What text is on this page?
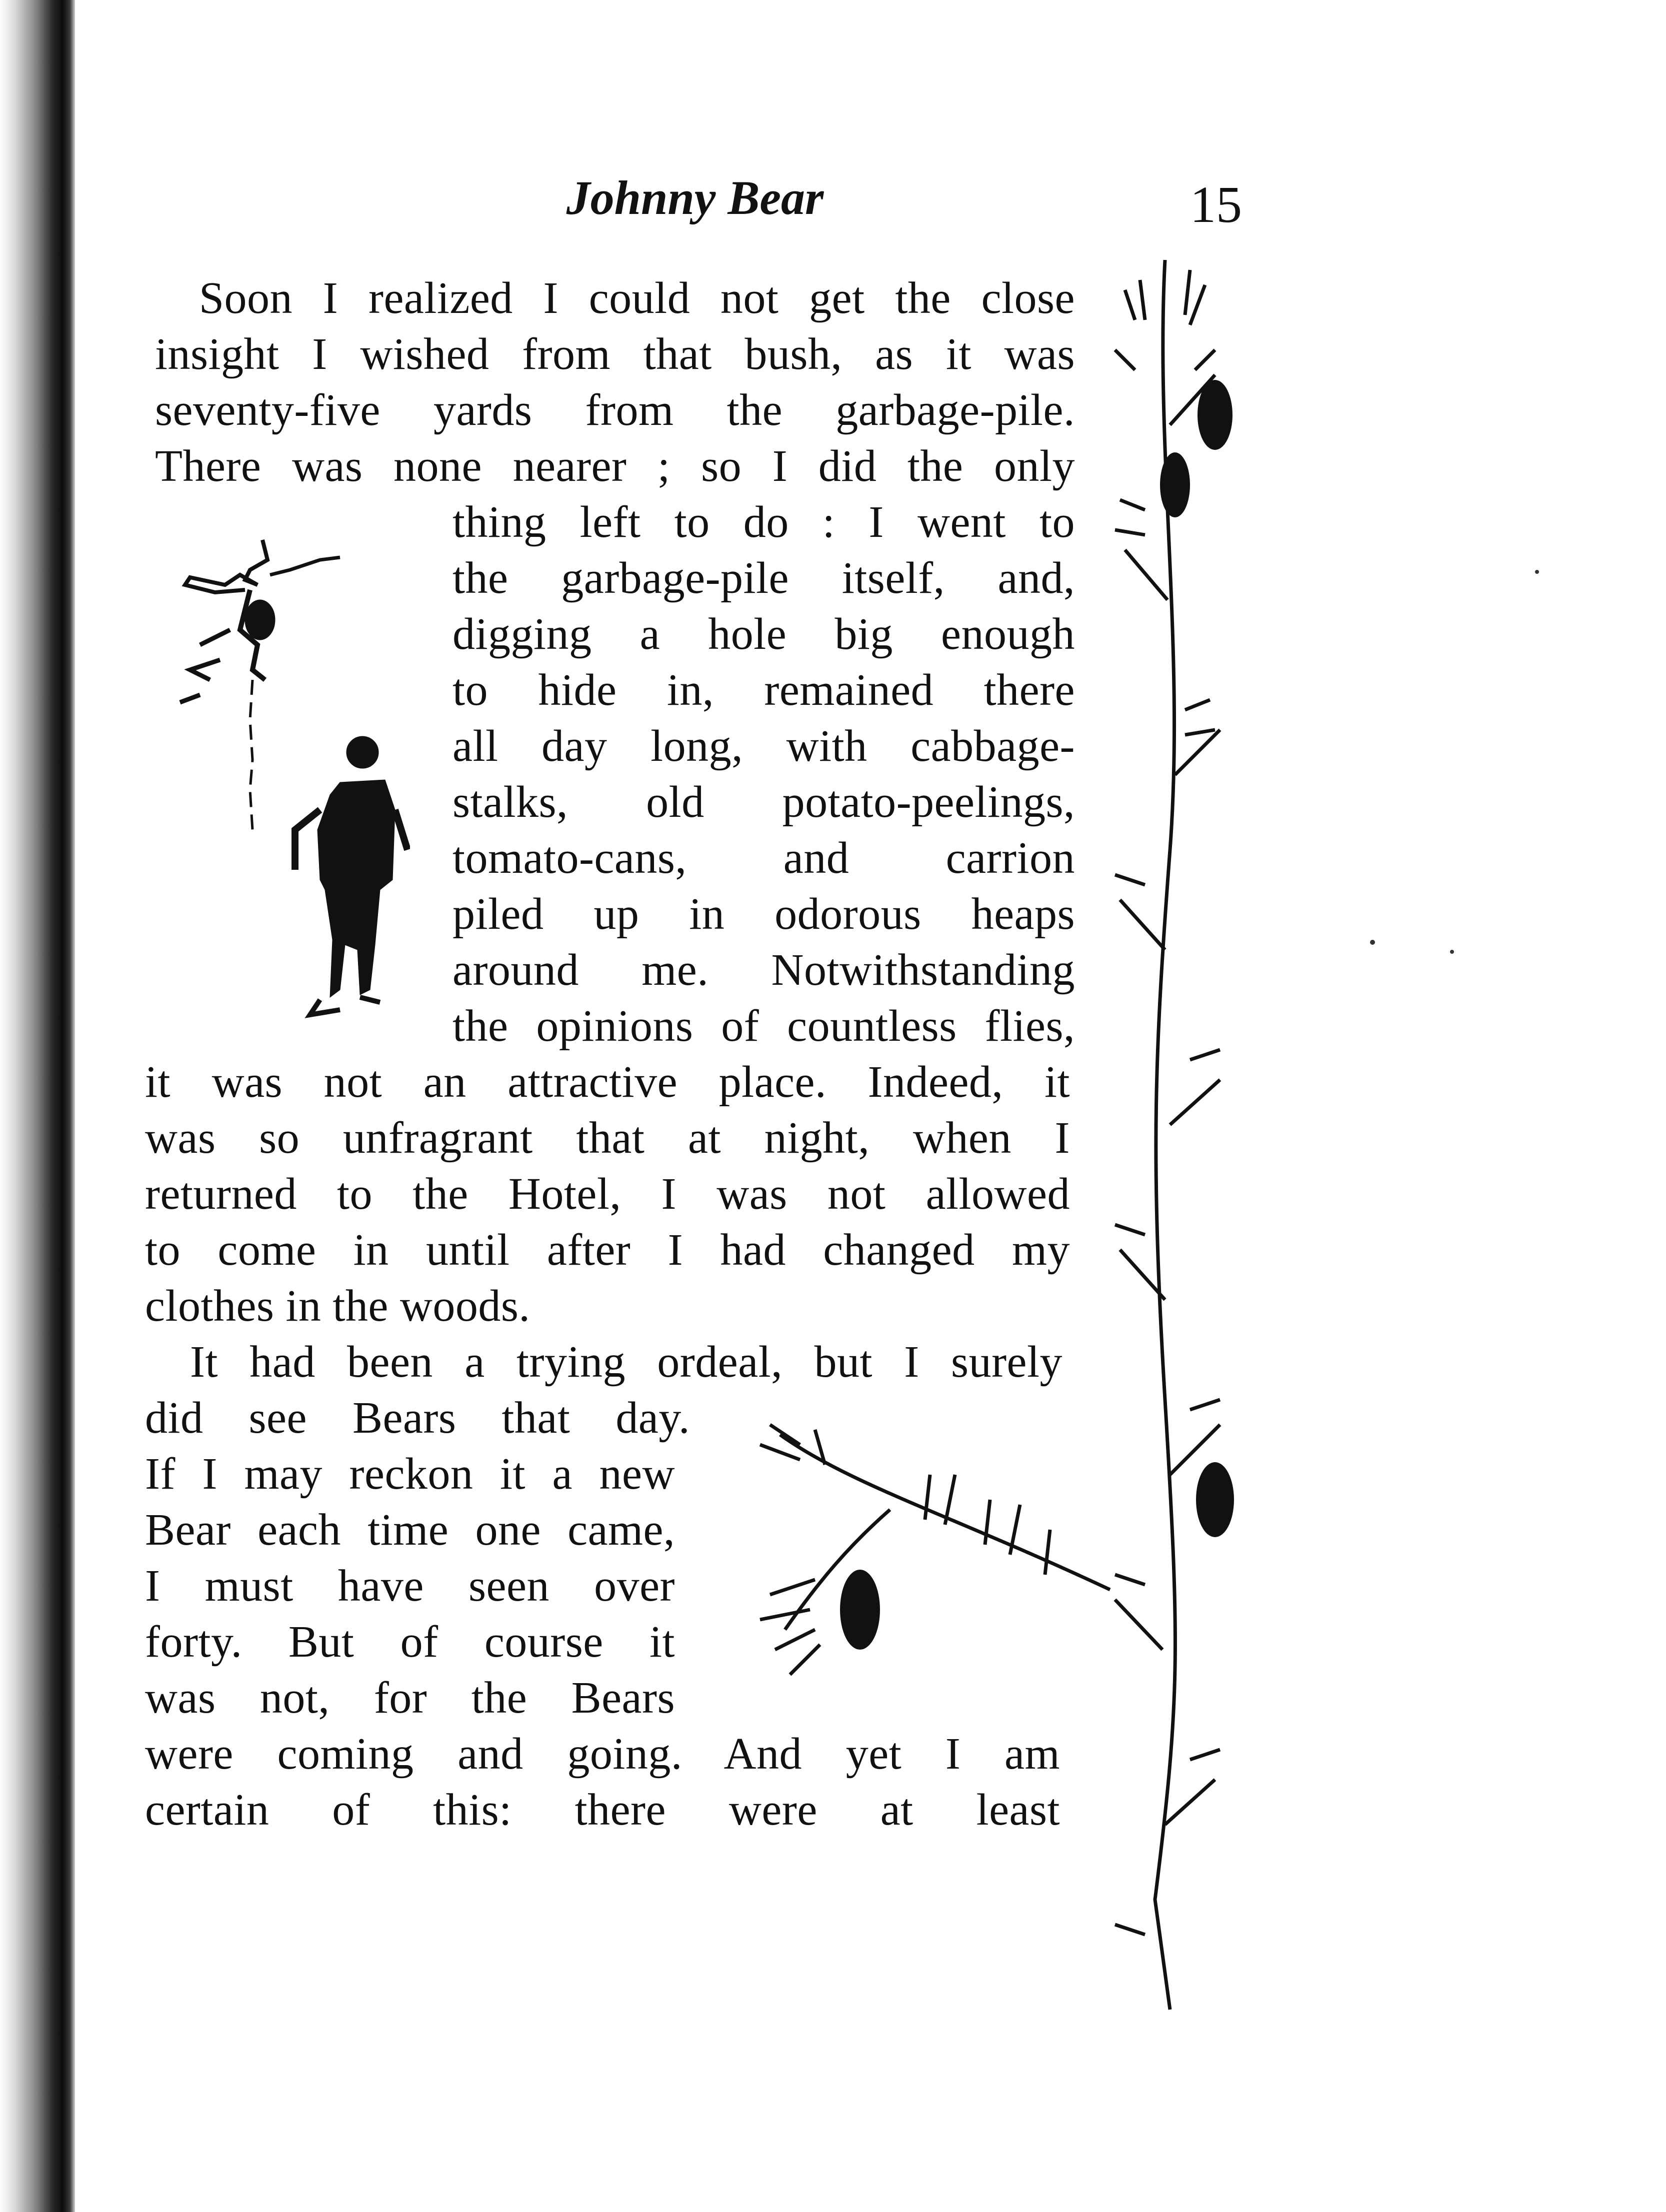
Johnny Bear	15
Soon I realized I could not get the close
insight I wished from that bush, as it was
seventy-five yards from the garbage-pile.
There was none nearer ; so I did the only
thing left to do : I went to
the garbage-pile itself, and,
digging a hole big enough
to hide in, remained there
all day long, with cabbage-
stalks, old potato-peelings,
tomato-cans, and carrion
piled up in odorous heaps
around me. Notwithstanding
the opinions of countless flies,
it was not an attractive place. Indeed, it
was so unfragrant that at night, when I
returned to the Hotel, I was not allowed
to come in until after I had changed my
clothes in the woods.
It had been a trying ordeal, but I surely
did see Bears that day.
If I may reckon it a new
Bear each time one came,
I must have seen over
forty. But of course it
was not, for the Bears
were coming and going. And yet I am
certain of this: there were at least
